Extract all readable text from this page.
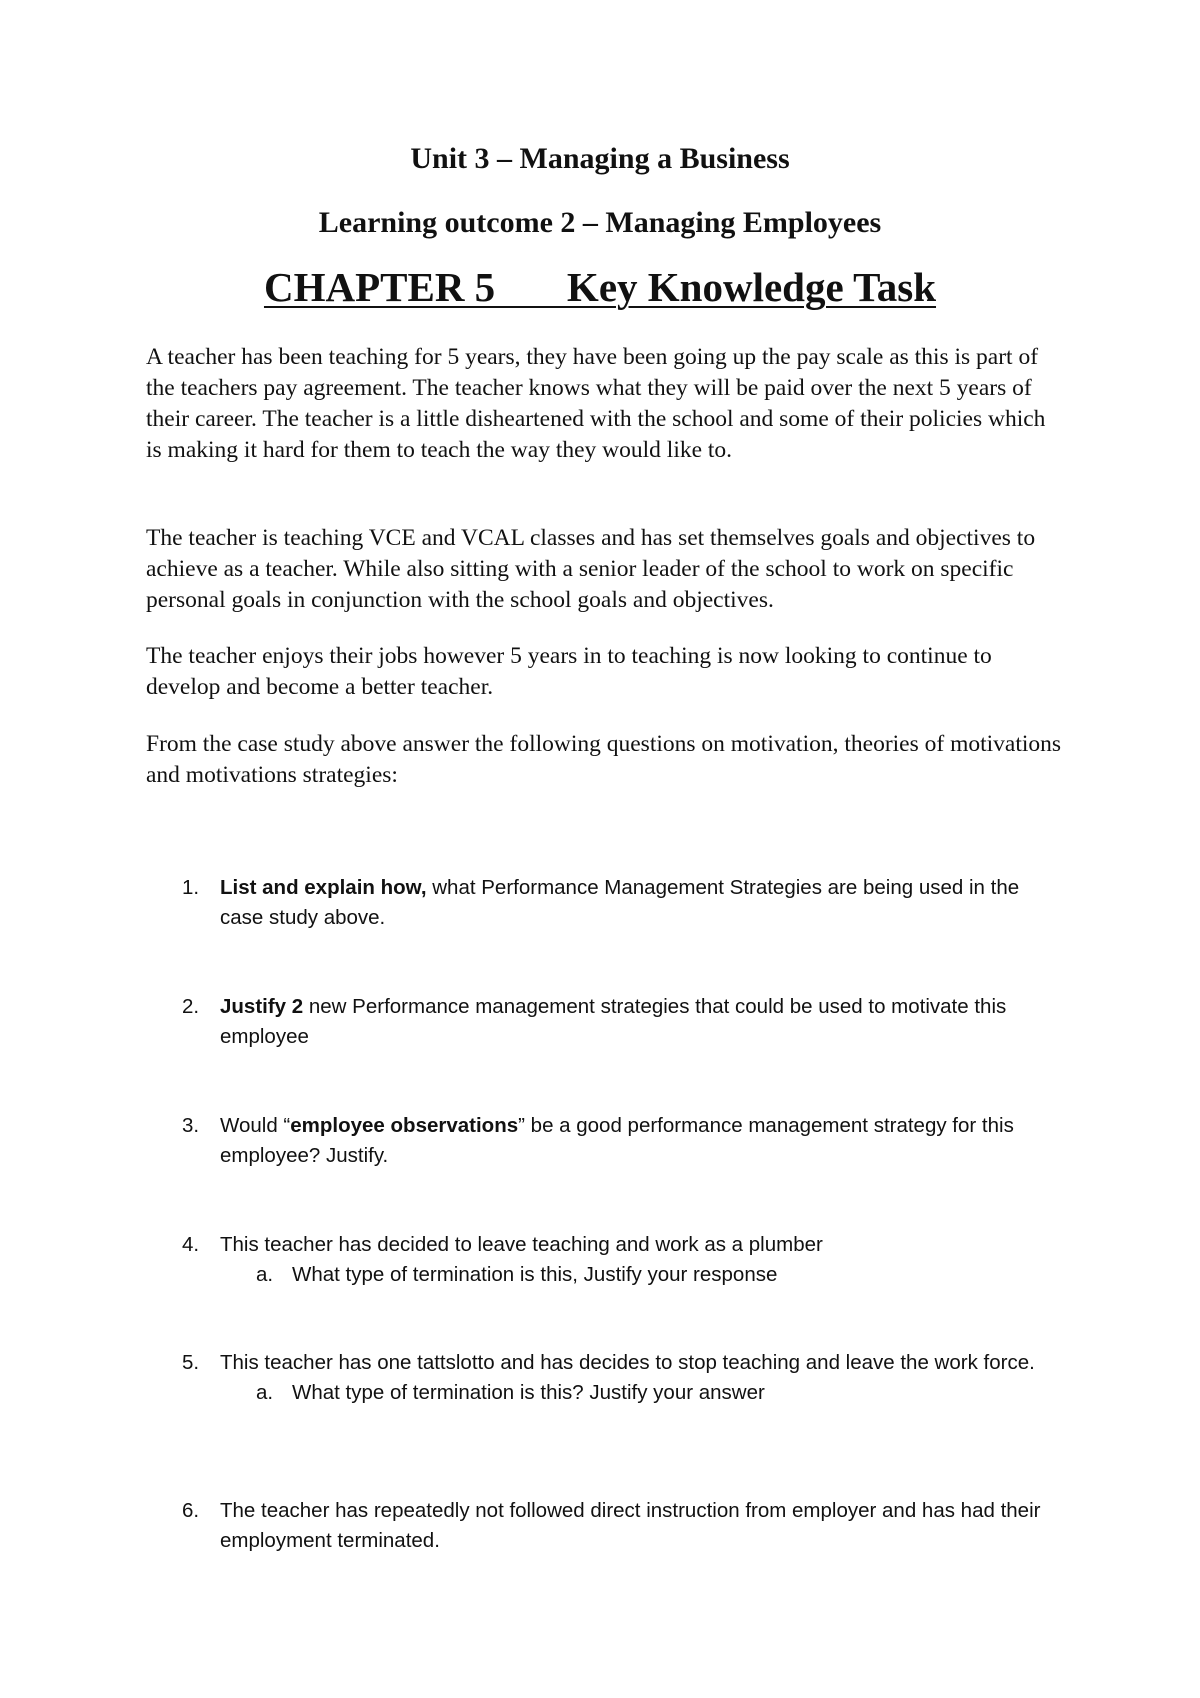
Unit 3 – Managing a Business
Learning outcome 2 – Managing Employees
CHAPTER 5       Key Knowledge Task

A teacher has been teaching for 5 years, they have been going up the pay scale as this is part of the teachers pay agreement. The teacher knows what they will be paid over the next 5 years of their career. The teacher is a little disheartened with the school and some of their policies which is making it hard for them to teach the way they would like to.

The teacher is teaching VCE and VCAL classes and has set themselves goals and objectives to achieve as a teacher. While also sitting with a senior leader of the school to work on specific personal goals in conjunction with the school goals and objectives.

The teacher enjoys their jobs however 5 years in to teaching is now looking to continue to develop and become a better teacher.

From the case study above answer the following questions on motivation, theories of motivations and motivations strategies:

1.	List and explain how, what Performance Management Strategies are being used in the case study above.
2.	Justify 2 new Performance management strategies that could be used to motivate this employee
3.	Would “employee observations” be a good performance management strategy for this employee? Justify.
4.	This teacher has decided to leave teaching and work as a plumber
a. What type of termination is this, Justify your response
5.	This teacher has one tattslotto and has decides to stop teaching and leave the work force.
a. What type of termination is this? Justify your answer
6.	The teacher has repeatedly not followed direct instruction from employer and has had their employment terminated.
